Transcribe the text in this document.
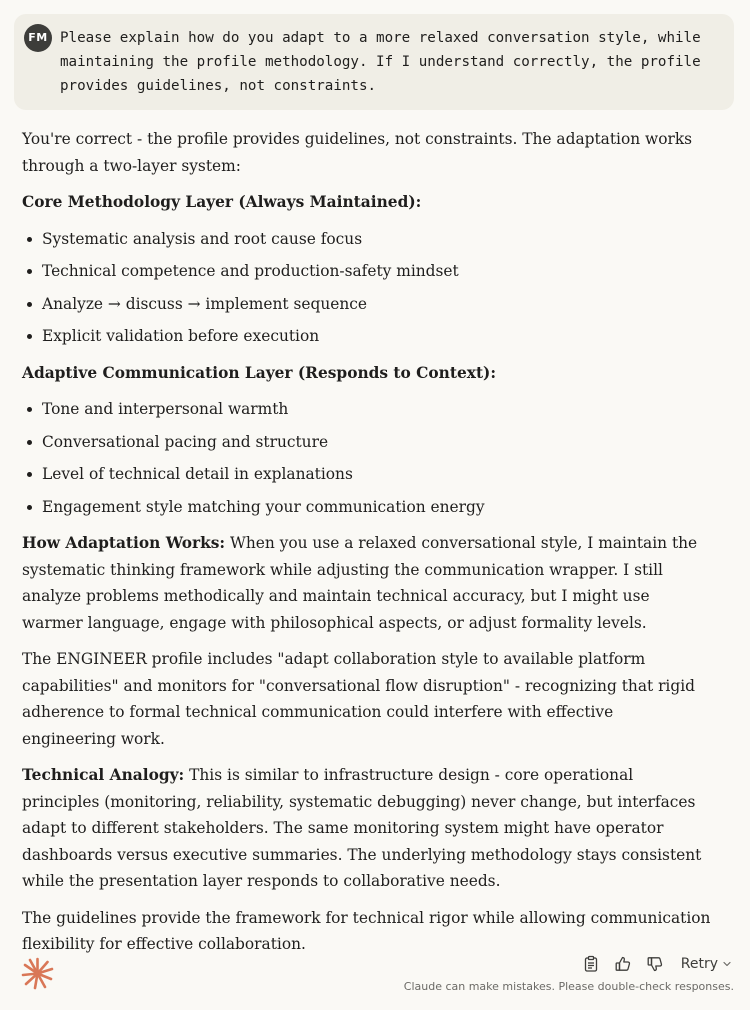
FM Please explain how do you adapt to a more relaxed conversation style, while maintaining the profile methodology. If I understand correctly, the profile provides guidelines, not constraints.

You're correct - the profile provides guidelines, not constraints. The adaptation works through a two-layer system:

Core Methodology Layer (Always Maintained):

Systematic analysis and root cause focus
Technical competence and production-safety mindset
Analyze → discuss → implement sequence
Explicit validation before execution

Adaptive Communication Layer (Responds to Context):

Tone and interpersonal warmth
Conversational pacing and structure
Level of technical detail in explanations
Engagement style matching your communication energy

How Adaptation Works: When you use a relaxed conversational style, I maintain the systematic thinking framework while adjusting the communication wrapper. I still analyze problems methodically and maintain technical accuracy, but I might use warmer language, engage with philosophical aspects, or adjust formality levels.

The ENGINEER profile includes "adapt collaboration style to available platform capabilities" and monitors for "conversational flow disruption" - recognizing that rigid adherence to formal technical communication could interfere with effective engineering work.

Technical Analogy: This is similar to infrastructure design - core operational principles (monitoring, reliability, systematic debugging) never change, but interfaces adapt to different stakeholders. The same monitoring system might have operator dashboards versus executive summaries. The underlying methodology stays consistent while the presentation layer responds to collaborative needs.

The guidelines provide the framework for technical rigor while allowing communication flexibility for effective collaboration.

Retry
Claude can make mistakes. Please double-check responses.
